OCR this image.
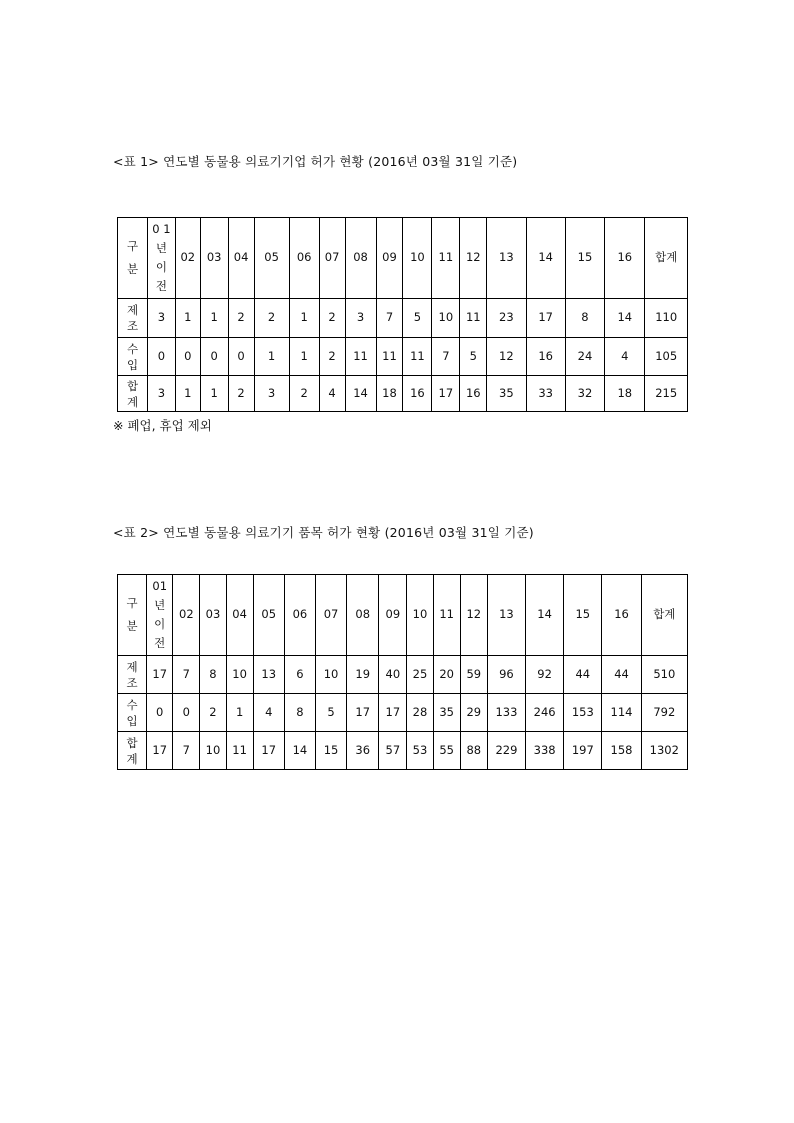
<표 1> 연도별 동물용 의료기기업 허가 현황 (2016년 03월 31일 기준)
구
분	0 1
년
이
전	02	03	04	05	06	07	08	09	10	11	12	13	14	15	16	합계

제
조	3	1	1	2	2	1	2	3	7	5	10	11	23	17	8	14	110

수
입	0	0	0	0	1	1	2	11	11	11	7	5	12	16	24	4	105

합
계	3	1	1	2	3	2	4	14	18	16	17	16	35	33	32	18	215
※ 폐업, 휴업 제외
<표 2> 연도별 동물용 의료기기 품목 허가 현황 (2016년 03월 31일 기준)
구
분	01
년
이
전	02	03	04	05	06	07	08	09	10	11	12	13	14	15	16	합계

제
조	17	7	8	10	13	6	10	19	40	25	20	59	96	92	44	44	510

수
입	0	0	2	1	4	8	5	17	17	28	35	29	133	246	153	114	792

합
계	17	7	10	11	17	14	15	36	57	53	55	88	229	338	197	158	1302
